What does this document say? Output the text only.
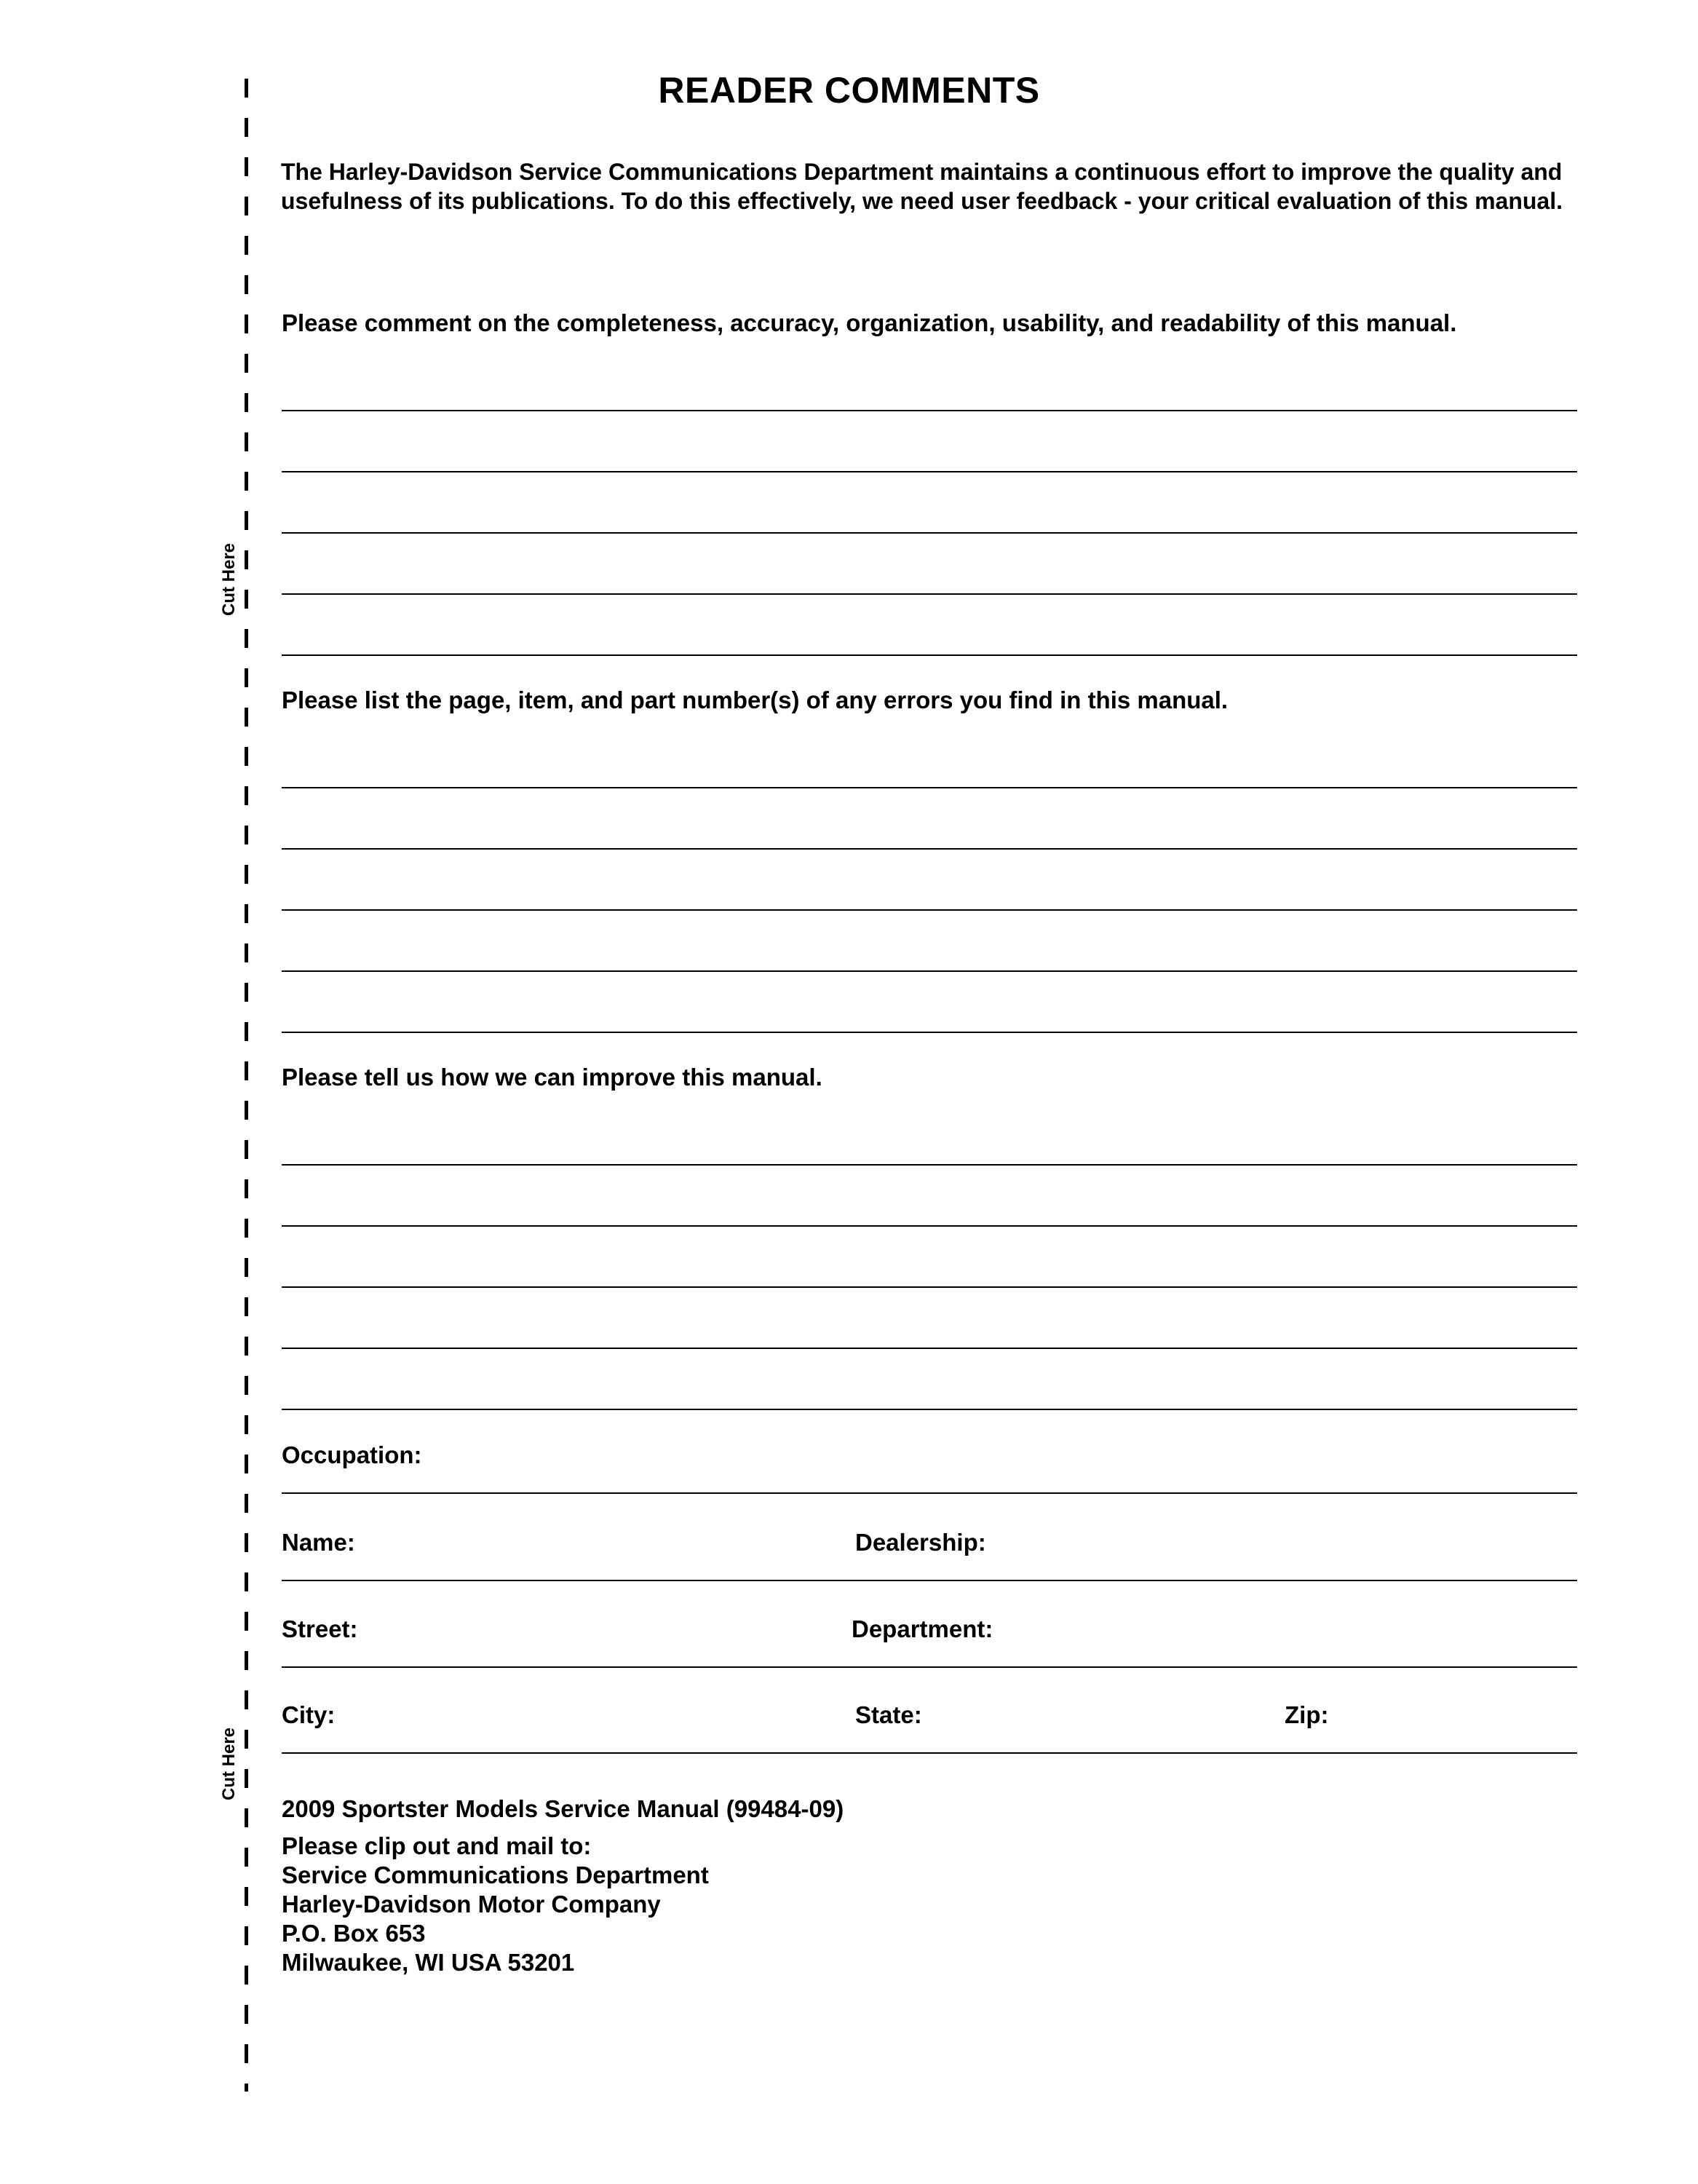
Cut Here
Cut Here
READER COMMENTS
The Harley-Davidson Service Communications Department maintains a continuous effort to improve the quality and usefulness of its publications. To do this effectively, we need user feedback - your critical evaluation of this manual.
Please comment on the completeness, accuracy, organization, usability, and readability of this manual.
Please list the page, item, and part number(s) of any errors you find in this manual.
Please tell us how we can improve this manual.
Occupation:
Name:	Dealership:
Street:	Department:
City:	State:	Zip:
2009 Sportster Models Service Manual (99484-09)
Please clip out and mail to:
Service Communications Department
Harley-Davidson Motor Company
P.O. Box 653
Milwaukee, WI USA 53201
